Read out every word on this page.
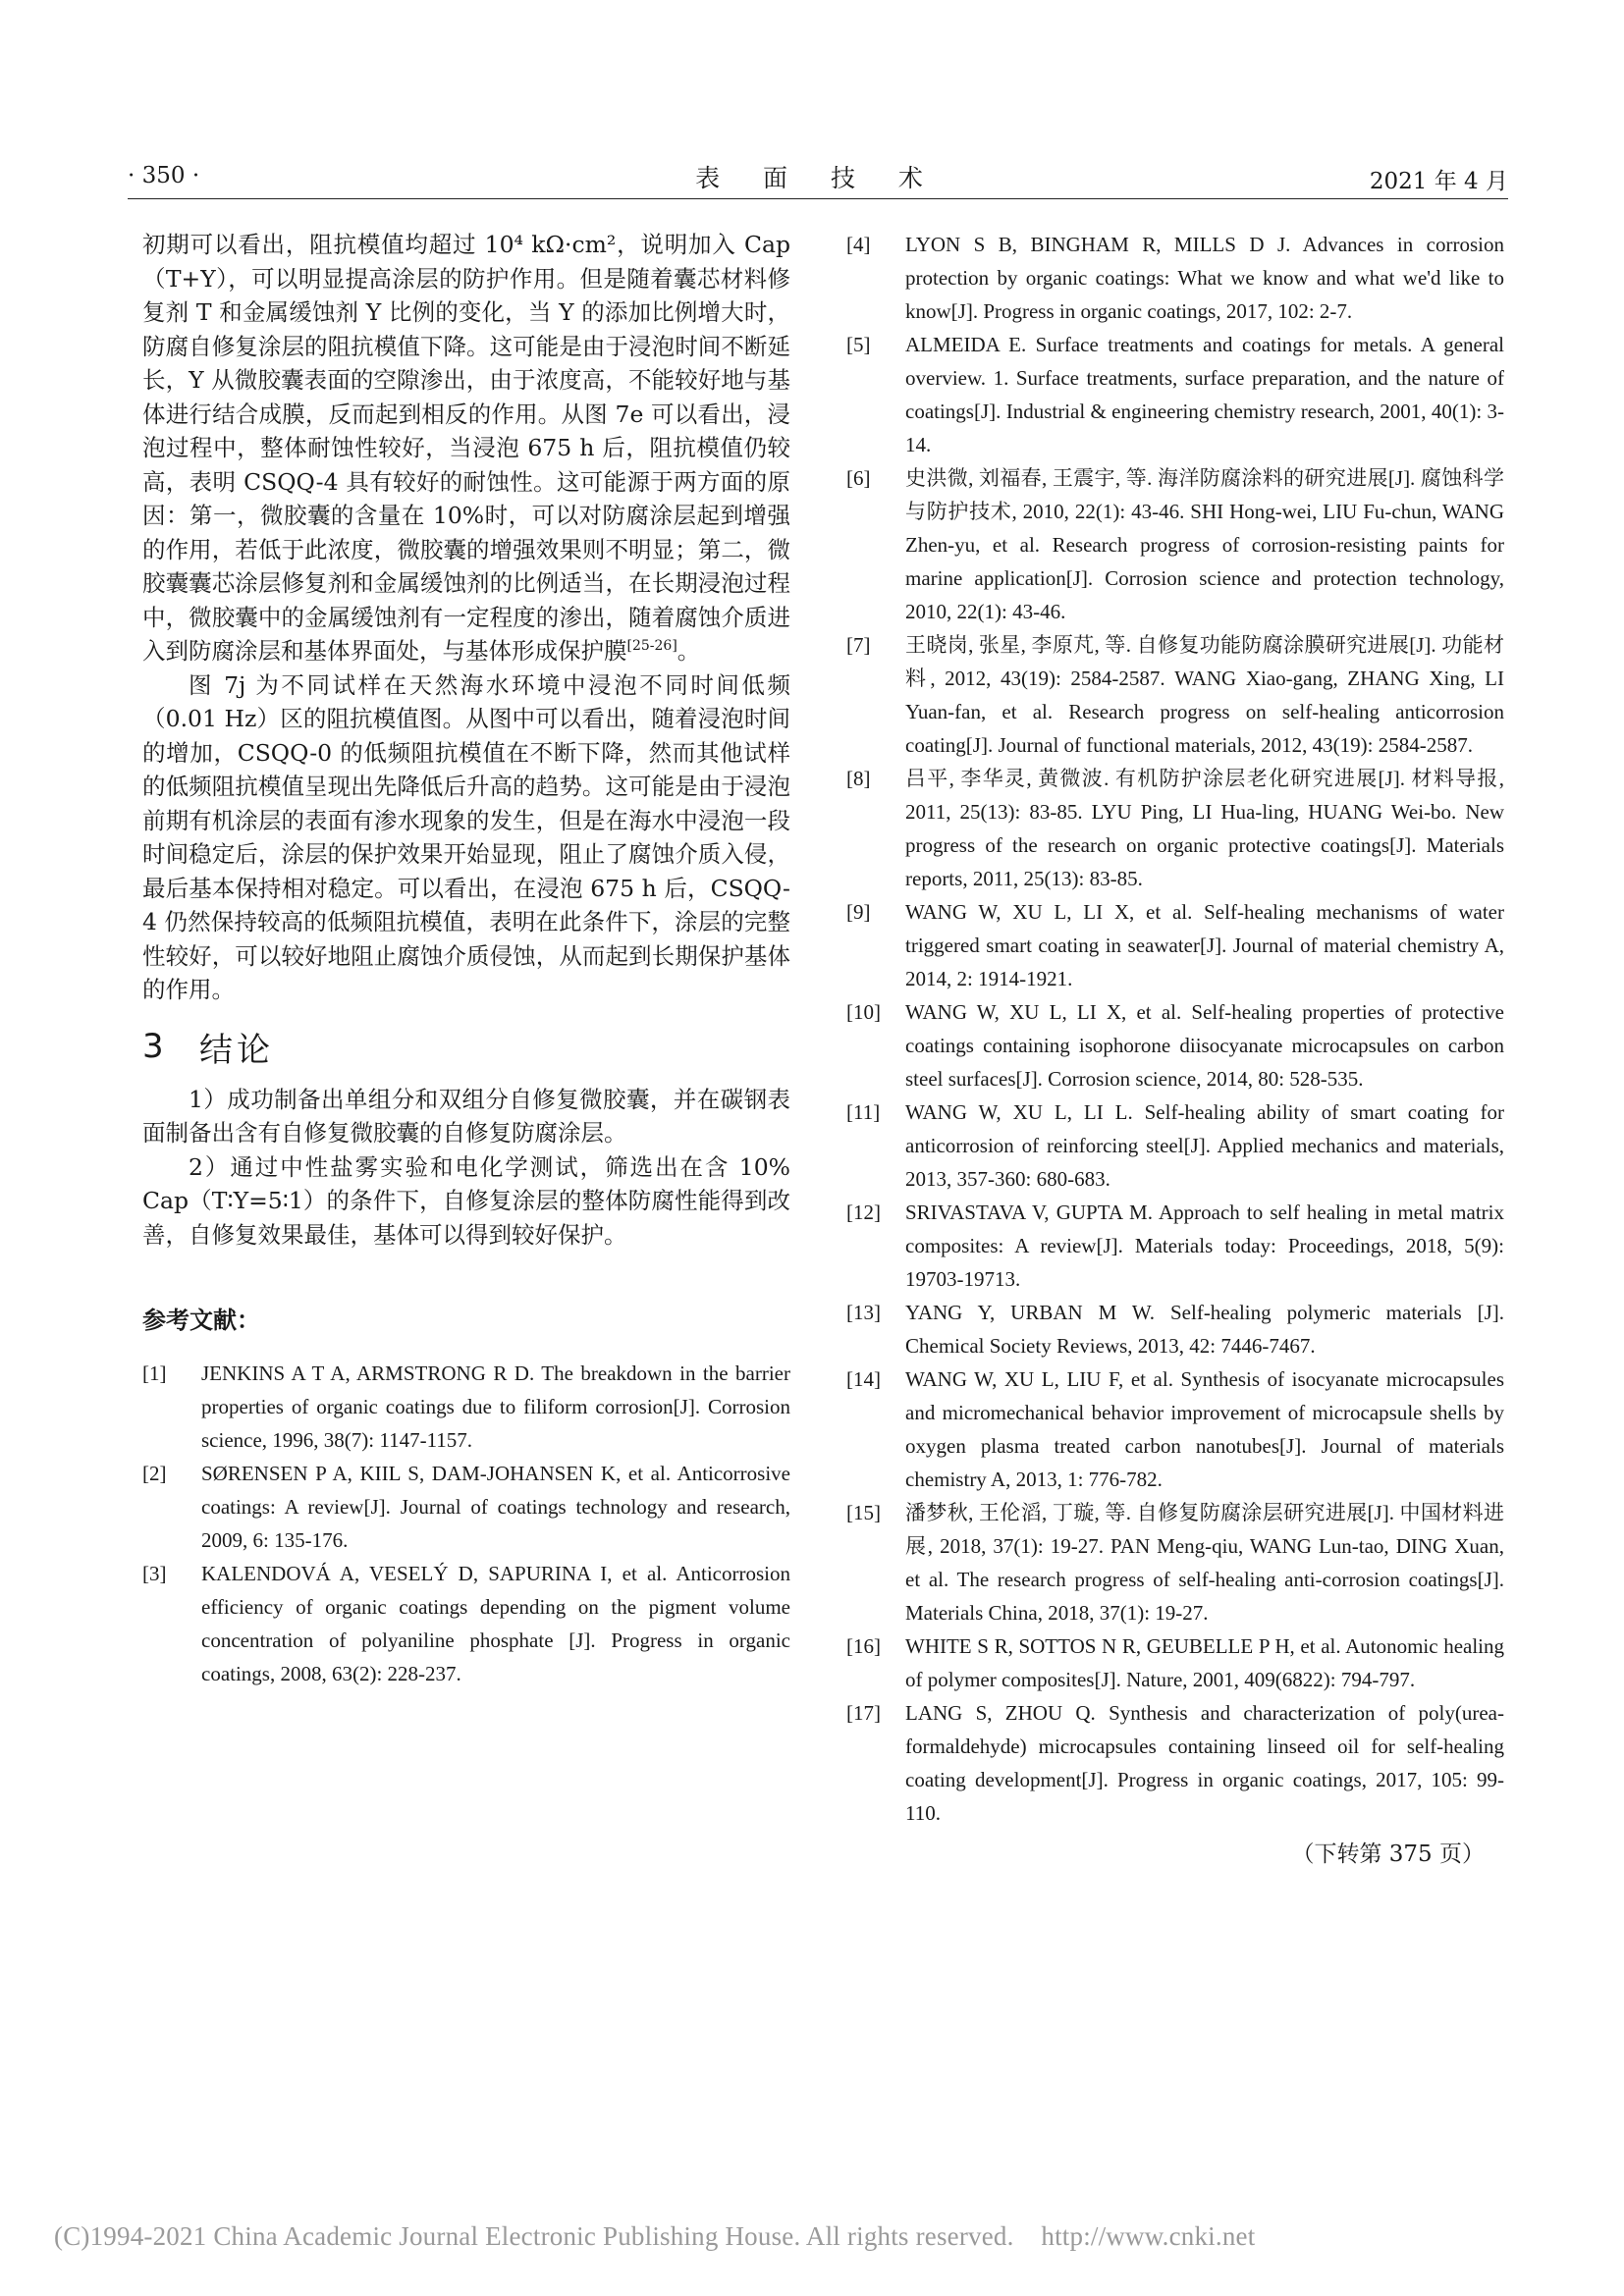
· 350 ·	表 面 技 术	2021 年 4 月

初期可以看出，阻抗模值均超过 10⁴ kΩ·cm²，说明加入 Cap（T+Y），可以明显提高涂层的防护作用。但是随着囊芯材料修复剂 T 和金属缓蚀剂 Y 比例的变化，当 Y 的添加比例增大时，防腐自修复涂层的阻抗模值下降。这可能是由于浸泡时间不断延长，Y 从微胶囊表面的空隙渗出，由于浓度高，不能较好地与基体进行结合成膜，反而起到相反的作用。从图 7e 可以看出，浸泡过程中，整体耐蚀性较好，当浸泡 675 h 后，阻抗模值仍较高，表明 CSQQ-4 具有较好的耐蚀性。这可能源于两方面的原因：第一，微胶囊的含量在 10%时，可以对防腐涂层起到增强的作用，若低于此浓度，微胶囊的增强效果则不明显；第二，微胶囊囊芯涂层修复剂和金属缓蚀剂的比例适当，在长期浸泡过程中，微胶囊中的金属缓蚀剂有一定程度的渗出，随着腐蚀介质进入到防腐涂层和基体界面处，与基体形成保护膜[25-26]。

图 7j 为不同试样在天然海水环境中浸泡不同时间低频（0.01 Hz）区的阻抗模值图。从图中可以看出，随着浸泡时间的增加，CSQQ-0 的低频阻抗模值在不断下降，然而其他试样的低频阻抗模值呈现出先降低后升高的趋势。这可能是由于浸泡前期有机涂层的表面有渗水现象的发生，但是在海水中浸泡一段时间稳定后，涂层的保护效果开始显现，阻止了腐蚀介质入侵，最后基本保持相对稳定。可以看出，在浸泡 675 h 后，CSQQ-4 仍然保持较高的低频阻抗模值，表明在此条件下，涂层的完整性较好，可以较好地阻止腐蚀介质侵蚀，从而起到长期保护基体的作用。

3	结论

1）成功制备出单组分和双组分自修复微胶囊，并在碳钢表面制备出含有自修复微胶囊的自修复防腐涂层。

2）通过中性盐雾实验和电化学测试，筛选出在含 10% Cap（T∶Y=5∶1）的条件下，自修复涂层的整体防腐性能得到改善，自修复效果最佳，基体可以得到较好保护。

参考文献：
[1]	JENKINS A T A, ARMSTRONG R D. The breakdown in the barrier properties of organic coatings due to filiform corrosion[J]. Corrosion science, 1996, 38(7): 1147-1157.
[2]	SØRENSEN P A, KIIL S, DAM-JOHANSEN K, et al. Anticorrosive coatings: A review[J]. Journal of coatings technology and research, 2009, 6: 135-176.
[3]	KALENDOVÁ A, VESELÝ D, SAPURINA I, et al. Anticorrosion efficiency of organic coatings depending on the pigment volume concentration of polyaniline phosphate [J]. Progress in organic coatings, 2008, 63(2): 228-237.
[4]	LYON S B, BINGHAM R, MILLS D J. Advances in corrosion protection by organic coatings: What we know and what we'd like to know[J]. Progress in organic coatings, 2017, 102: 2-7.
[5]	ALMEIDA E. Surface treatments and coatings for metals. A general overview. 1. Surface treatments, surface preparation, and the nature of coatings[J]. Industrial & engineering chemistry research, 2001, 40(1): 3-14.
[6]	史洪微, 刘福春, 王震宇, 等. 海洋防腐涂料的研究进展[J]. 腐蚀科学与防护技术, 2010, 22(1): 43-46. SHI Hong-wei, LIU Fu-chun, WANG Zhen-yu, et al. Research progress of corrosion-resisting paints for marine application[J]. Corrosion science and protection technology, 2010, 22(1): 43-46.
[7]	王晓岗, 张星, 李原芃, 等. 自修复功能防腐涂膜研究进展[J]. 功能材料, 2012, 43(19): 2584-2587. WANG Xiao-gang, ZHANG Xing, LI Yuan-fan, et al. Research progress on self-healing anticorrosion coating[J]. Journal of functional materials, 2012, 43(19): 2584-2587.
[8]	吕平, 李华灵, 黄微波. 有机防护涂层老化研究进展[J]. 材料导报, 2011, 25(13): 83-85. LYU Ping, LI Hua-ling, HUANG Wei-bo. New progress of the research on organic protective coatings[J]. Materials reports, 2011, 25(13): 83-85.
[9]	WANG W, XU L, LI X, et al. Self-healing mechanisms of water triggered smart coating in seawater[J]. Journal of material chemistry A, 2014, 2: 1914-1921.
[10]	WANG W, XU L, LI X, et al. Self-healing properties of protective coatings containing isophorone diisocyanate microcapsules on carbon steel surfaces[J]. Corrosion science, 2014, 80: 528-535.
[11]	WANG W, XU L, LI L. Self-healing ability of smart coating for anticorrosion of reinforcing steel[J]. Applied mechanics and materials, 2013, 357-360: 680-683.
[12]	SRIVASTAVA V, GUPTA M. Approach to self healing in metal matrix composites: A review[J]. Materials today: Proceedings, 2018, 5(9): 19703-19713.
[13]	YANG Y, URBAN M W. Self-healing polymeric materials [J]. Chemical Society Reviews, 2013, 42: 7446-7467.
[14]	WANG W, XU L, LIU F, et al. Synthesis of isocyanate microcapsules and micromechanical behavior improvement of microcapsule shells by oxygen plasma treated carbon nanotubes[J]. Journal of materials chemistry A, 2013, 1: 776-782.
[15]	潘梦秋, 王伦滔, 丁璇, 等. 自修复防腐涂层研究进展[J]. 中国材料进展, 2018, 37(1): 19-27. PAN Meng-qiu, WANG Lun-tao, DING Xuan, et al. The research progress of self-healing anti-corrosion coatings[J]. Materials China, 2018, 37(1): 19-27.
[16]	WHITE S R, SOTTOS N R, GEUBELLE P H, et al. Autonomic healing of polymer composites[J]. Nature, 2001, 409(6822): 794-797.
[17]	LANG S, ZHOU Q. Synthesis and characterization of poly(urea-formaldehyde) microcapsules containing linseed oil for self-healing coating development[J]. Progress in organic coatings, 2017, 105: 99-110.
（下转第 375 页）
(C)1994-2021 China Academic Journal Electronic Publishing House. All rights reserved. http://www.cnki.net
